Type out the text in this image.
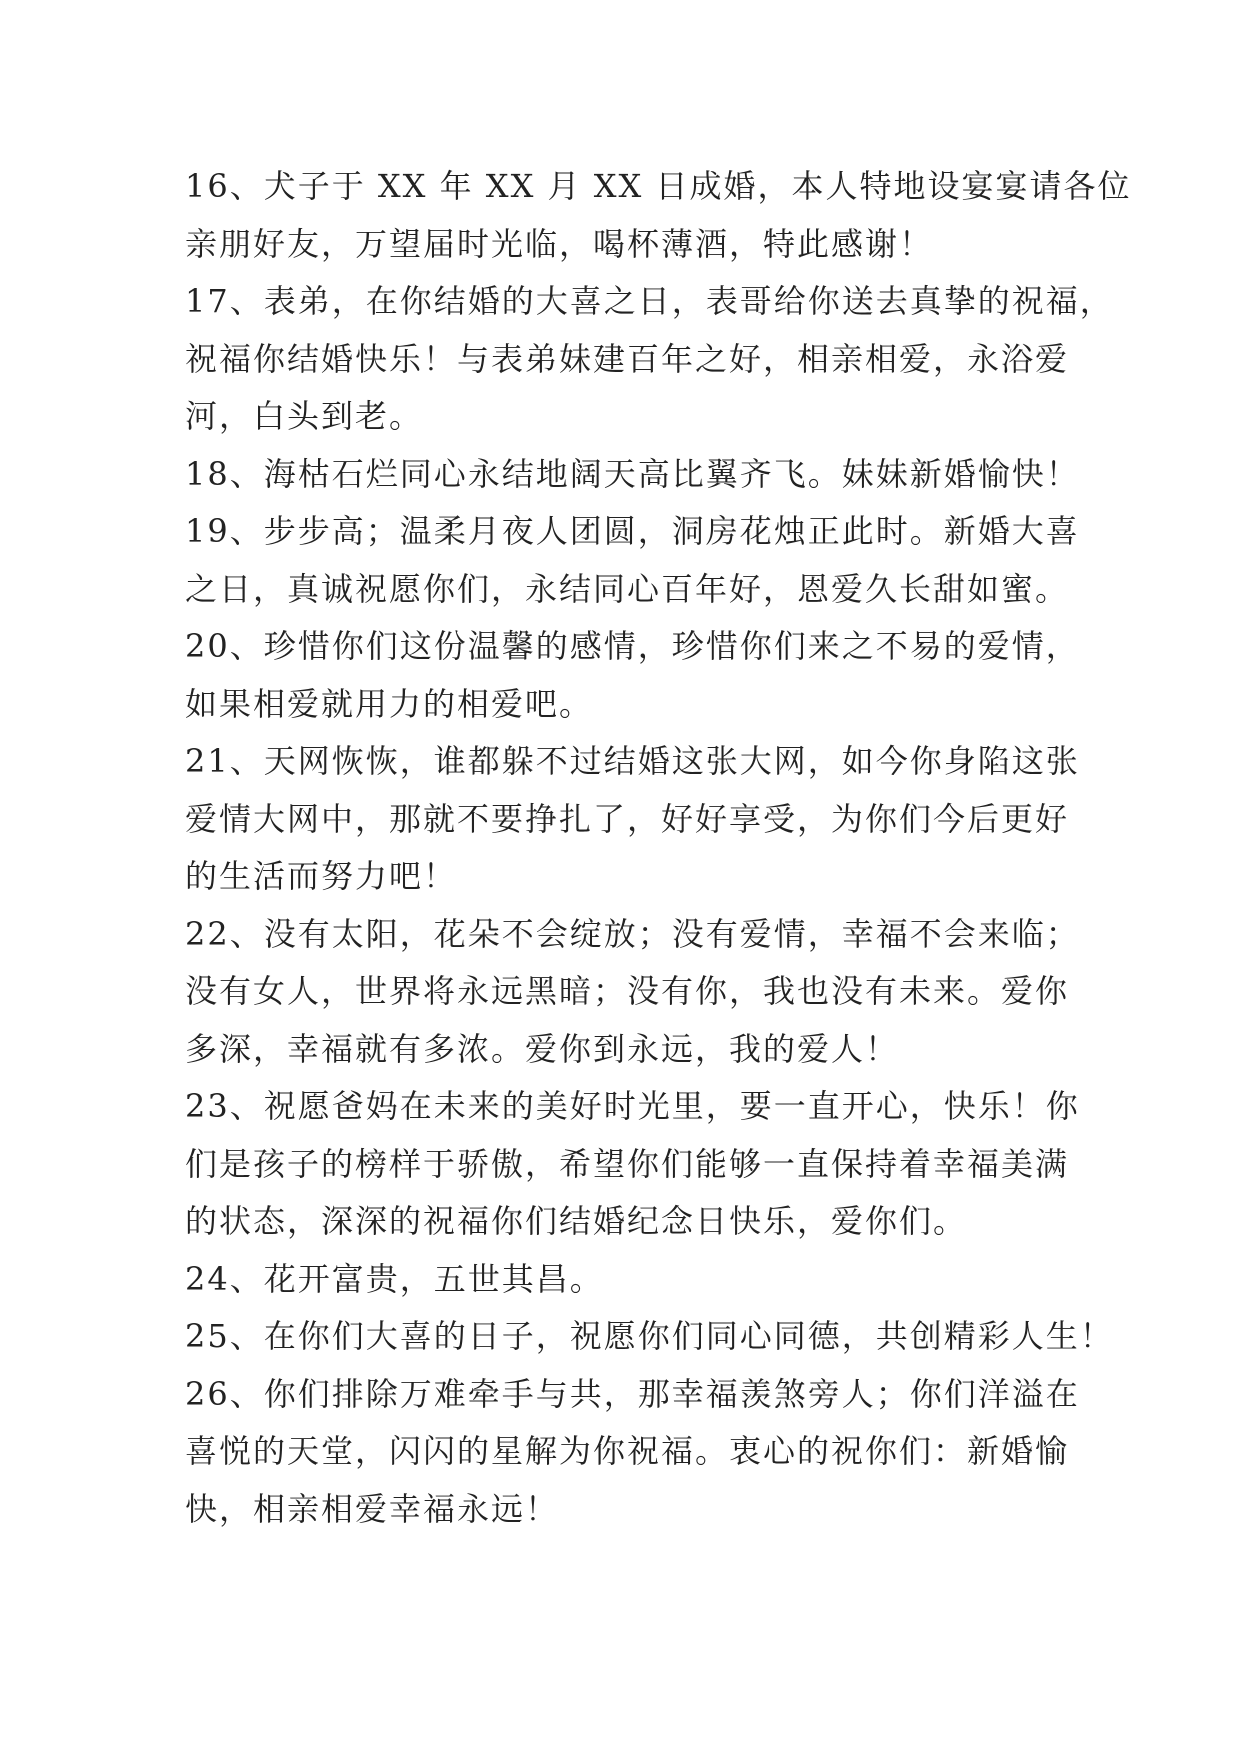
16、犬子于 XX 年 XX 月 XX 日成婚，本人特地设宴宴请各位
亲朋好友，万望届时光临，喝杯薄酒，特此感谢！
17、表弟，在你结婚的大喜之日，表哥给你送去真挚的祝福，
祝福你结婚快乐！与表弟妹建百年之好，相亲相爱，永浴爱
河，白头到老。
18、海枯石烂同心永结地阔天高比翼齐飞。妹妹新婚愉快！
19、步步高；温柔月夜人团圆，洞房花烛正此时。新婚大喜
之日，真诚祝愿你们，永结同心百年好，恩爱久长甜如蜜。
20、珍惜你们这份温馨的感情，珍惜你们来之不易的爱情，
如果相爱就用力的相爱吧。
21、天网恢恢，谁都躲不过结婚这张大网，如今你身陷这张
爱情大网中，那就不要挣扎了，好好享受，为你们今后更好
的生活而努力吧！
22、没有太阳，花朵不会绽放；没有爱情，幸福不会来临；
没有女人，世界将永远黑暗；没有你，我也没有未来。爱你
多深，幸福就有多浓。爱你到永远，我的爱人！
23、祝愿爸妈在未来的美好时光里，要一直开心，快乐！你
们是孩子的榜样于骄傲，希望你们能够一直保持着幸福美满
的状态，深深的祝福你们结婚纪念日快乐，爱你们。
24、花开富贵，五世其昌。
25、在你们大喜的日子，祝愿你们同心同德，共创精彩人生！
26、你们排除万难牵手与共，那幸福羡煞旁人；你们洋溢在
喜悦的天堂，闪闪的星解为你祝福。衷心的祝你们：新婚愉
快，相亲相爱幸福永远！
